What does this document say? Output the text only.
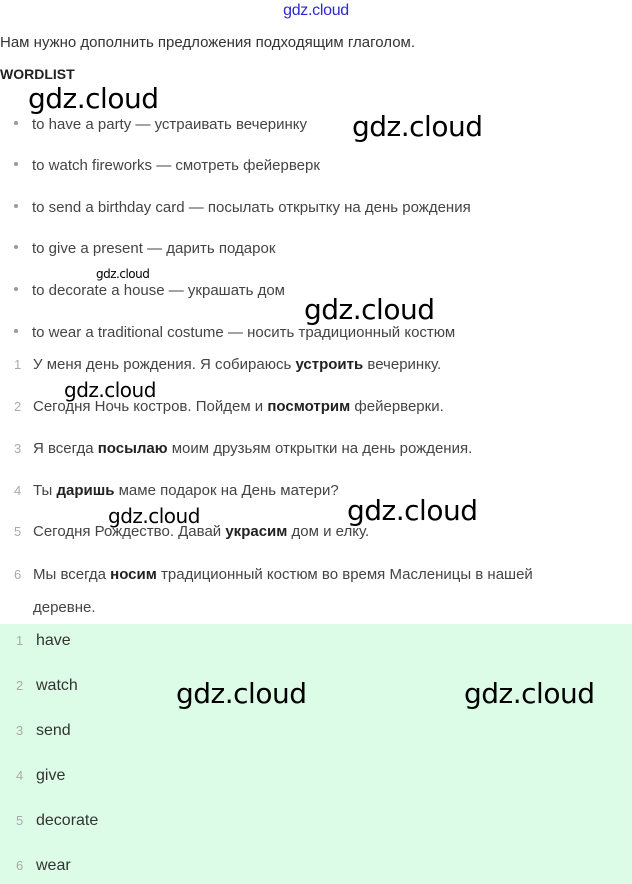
gdz.cloud
Нам нужно дополнить предложения подходящим глаголом.
WORDLIST
to have a party — устраивать вечеринку
to watch fireworks — смотреть фейерверк
to send a birthday card — посылать открытку на день рождения
to give a present — дарить подарок
to decorate a house — украшать дом
to wear a traditional costume — носить традиционный костюм
1 У меня день рождения. Я собираюсь устроить вечеринку.
2 Сегодня Ночь костров. Пойдем и посмотрим фейерверки.
3 Я всегда посылаю моим друзьям открытки на день рождения.
4 Ты даришь маме подарок на День матери?
5 Сегодня Рождество. Давай украсим дом и елку.
6 Мы всегда носим традиционный костюм во время Масленицы в нашей
деревне.
1 have
2 watch
3 send
4 give
5 decorate
6 wear
gdz.cloud
gdz.cloud
gdz.cloud
gdz.cloud
gdz.cloud
gdz.cloud	gdz.cloud
gdz.cloud	gdz.cloud
